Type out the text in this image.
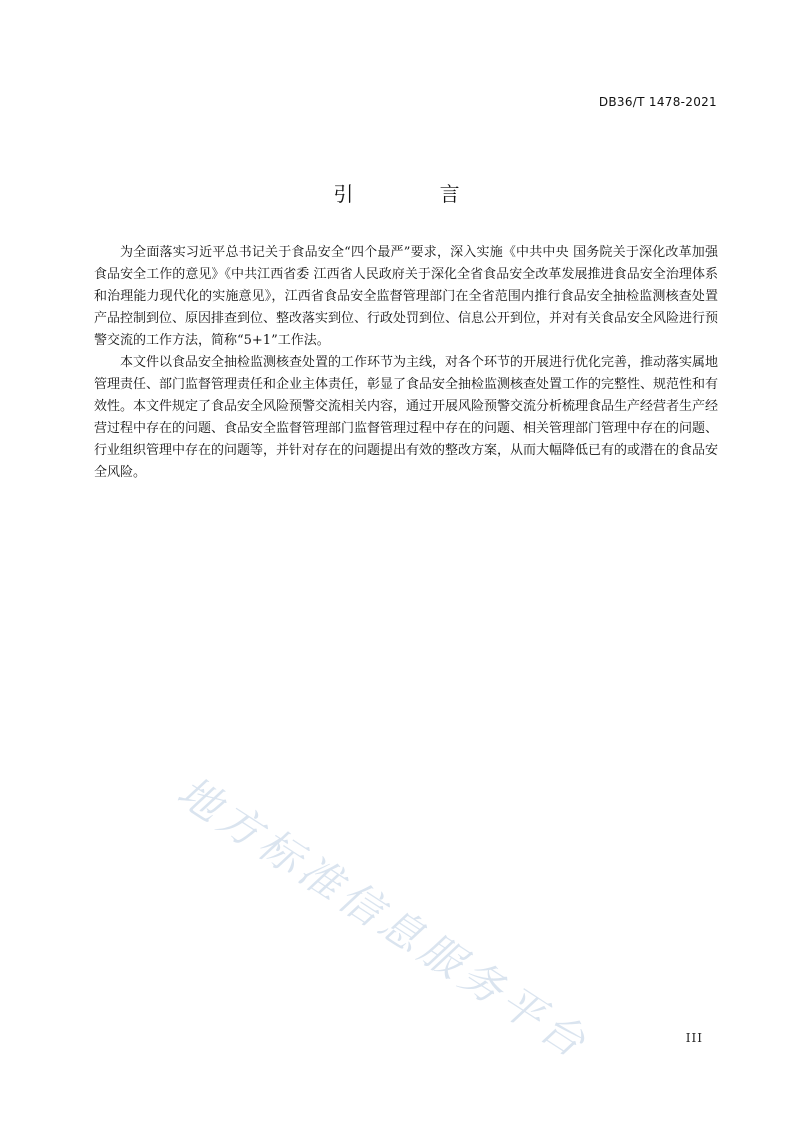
DB36/T 1478-2021
引 言

为全面落实习近平总书记关于食品安全“四个最严”要求，深入实施《中共中央 国务院关于深化改革加强食品安全工作的意见》《中共江西省委 江西省人民政府关于深化全省食品安全改革发展推进食品安全治理体系和治理能力现代化的实施意见》，江西省食品安全监督管理部门在全省范围内推行食品安全抽检监测核查处置产品控制到位、原因排查到位、整改落实到位、行政处罚到位、信息公开到位，并对有关食品安全风险进行预警交流的工作方法，简称“5+1”工作法。

本文件以食品安全抽检监测核查处置的工作环节为主线，对各个环节的开展进行优化完善，推动落实属地管理责任、部门监督管理责任和企业主体责任，彰显了食品安全抽检监测核查处置工作的完整性、规范性和有效性。本文件规定了食品安全风险预警交流相关内容，通过开展风险预警交流分析梳理食品生产经营者生产经营过程中存在的问题、食品安全监督管理部门监督管理过程中存在的问题、相关管理部门管理中存在的问题、行业组织管理中存在的问题等，并针对存在的问题提出有效的整改方案，从而大幅降低已有的或潜在的食品安全风险。

地方标准信息服务平台	III
